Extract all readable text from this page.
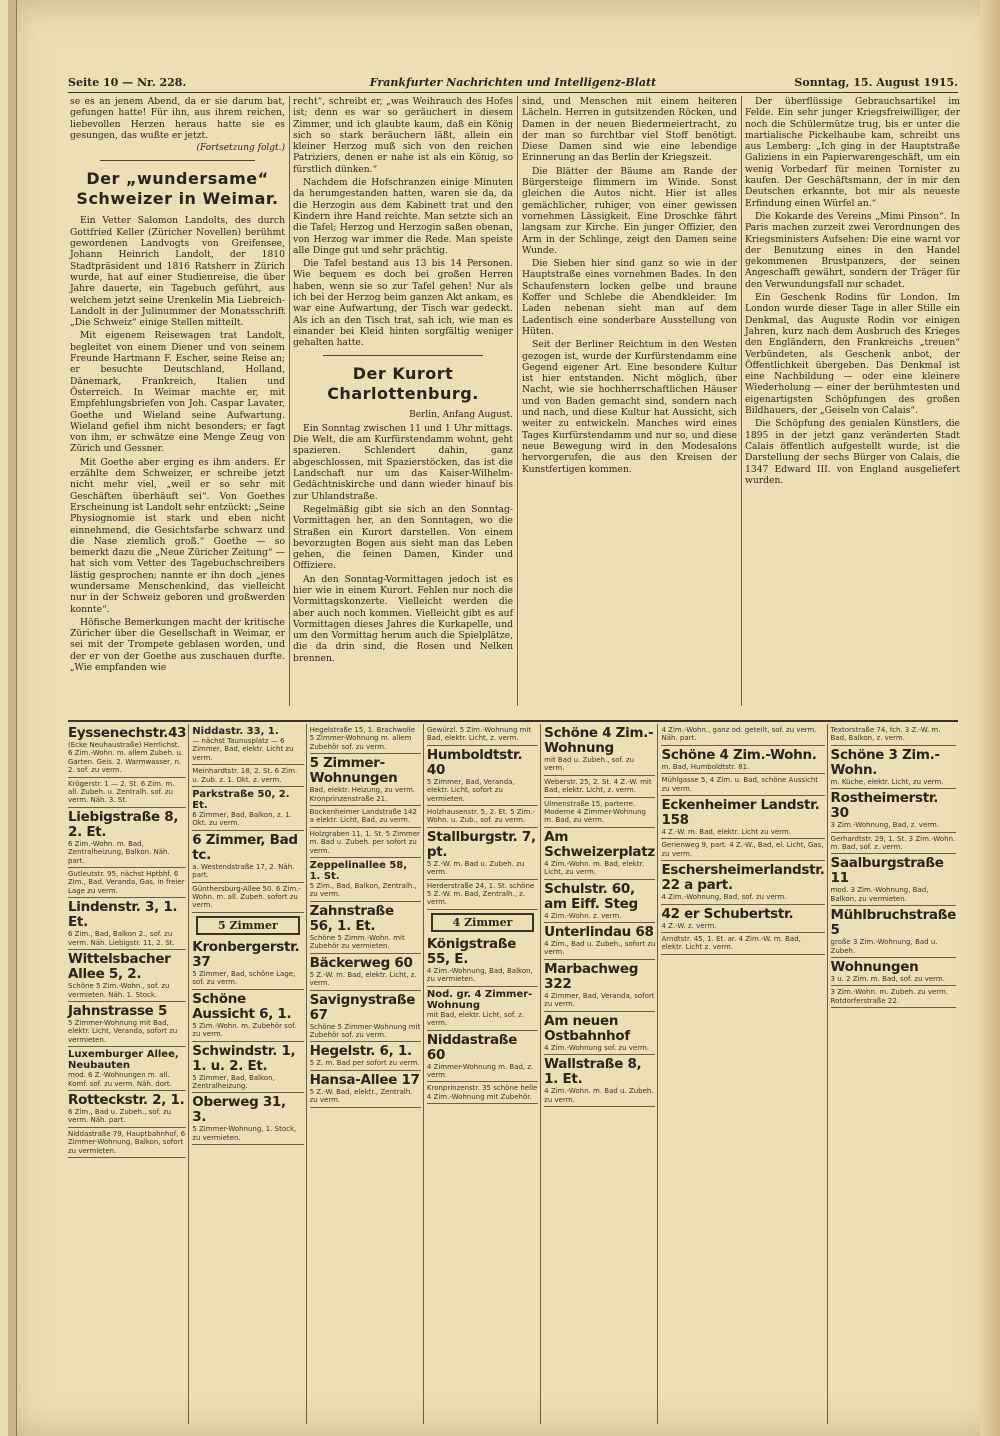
Seite 10 — Nr. 228.	Frankfurter Nachrichten und Intelligenz-Blatt	Sonntag, 15. August 1915.

se es an jenem Abend, da er sie darum bat, gefungen hatte! Für ihn, aus ihrem reichen, liebevollen Herzen heraus hatte sie es gesungen, das wußte er jetzt.

(Fortsetzung folgt.)
Der „wundersame“ Schweizer in Weimar.

Ein Vetter Salomon Landolts, des durch Gottfried Keller (Züricher Novellen) berühmt gewordenen Landvogts von Greifensee, Johann Heinrich Landolt, der 1810 Stadtpräsident und 1816 Ratsherr in Zürich wurde, hat auf einer Studienreise, die über Jahre dauerte, ein Tagebuch geführt, aus welchem jetzt seine Urenkelin Mia Liebreich-Landolt in der Julinummer der Monatsschrift „Die Schweiz“ einige Stellen mitteilt.

Mit eigenem Reisewagen trat Landolt, begleitet von einem Diener und von seinem Freunde Hartmann F. Escher, seine Reise an; er besuchte Deutschland, Holland, Dänemark, Frankreich, Italien und Österreich. In Weimar machte er, mit Empfehlungsbriefen von Joh. Caspar Lavater, Goethe und Wieland seine Aufwartung. Wieland gefiel ihm nicht besonders; er fagt von ihm, er schwätze eine Menge Zeug von Zürich und Gessner.

Mit Goethe aber erging es ihm anders. Er erzählte dem Schweizer, er schreibe jetzt nicht mehr viel, „weil er so sehr mit Geschäften überhäuft sei“. Von Goethes Erscheinung ist Landolt sehr entzückt: „Seine Physiognomie ist stark und eben nicht einnehmend, die Gesichtsfarbe schwarz und die Nase ziemlich groß.“ Goethe — so bemerkt dazu die „Neue Züricher Zeitung“ — hat sich vom Vetter des Tagebuchschreibers lästig gesprochen; nannte er ihn doch „jenes wundersame Menschenkind, das vielleicht nur in der Schweiz geboren und großwerden konnte“.

Höfische Bemerkungen macht der kritische Züricher über die Gesellschaft in Weimar, er sei mit der Trompete geblasen worden, und der er von der Goethe aus zuschauen durfte. „Wie empfanden wie

recht“, schreibt er, „was Weihrauch des Hofes ist; denn es war so geräuchert in diesem Zimmer, und ich glaubte kaum, daß ein König sich so stark beräuchern läßt, allein ein kleiner Herzog muß sich von den reichen Patriziers, denen er nahe ist als ein König, so fürstlich dünken.“

Nachdem die Hofschranzen einige Minuten da herumgestanden hatten, waren sie da, da die Herzogin aus dem Kabinett trat und den Kindern ihre Hand reichte. Man setzte sich an die Tafel; Herzog und Herzogin saßen obenan, von Herzog war immer die Rede. Man speiste alle Dinge gut und sehr prächtig.

Die Tafel bestand aus 13 bis 14 Personen. Wie bequem es doch bei großen Herren haben, wenn sie so zur Tafel gehen! Nur als ich bei der Herzog beim ganzen Akt ankam, es war eine Aufwartung, der Tisch war gedeckt. Als ich an den Tisch trat, sah ich, wie man es einander bei Kleid hinten sorgfältig weniger gehalten hatte.

Der Kurort Charlottenburg.
Berlin, Anfang August.

Ein Sonntag zwischen 11 und 1 Uhr mittags. Die Welt, die am Kurfürstendamm wohnt, geht spazieren. Schlendert dahin, ganz abgeschlossen, mit Spazierstöcken, das ist die Landschaft nur um das Kaiser-Wilhelm-Gedächtniskirche und dann wieder hinauf bis zur Uhlandstraße.

Regelmäßig gibt sie sich an den Sonntag-Vormittagen her, an den Sonntagen, wo die Straßen ein Kurort darstellen. Von einem bevorzugten Bogen aus sieht man das Leben gehen, die feinen Damen, Kinder und Offiziere.

An den Sonntag-Vormittagen jedoch ist es hier wie in einem Kurort. Fehlen nur noch die Vormittagskonzerte. Vielleicht werden die aber auch noch kommen. Vielleicht gibt es auf Vormittagen dieses Jahres die Kurkapelle, und um den Vormittag herum auch die Spielplätze, die da drin sind, die Rosen und Nelken brennen.

sind, und Menschen mit einem heiteren Lächeln. Herren in gutsitzenden Röcken, und Damen in der neuen Biedermeiertracht, zu der man so furchtbar viel Stoff benötigt. Diese Damen sind wie eine lebendige Erinnerung an das Berlin der Kriegszeit.

Die Blätter der Bäume am Rande der Bürgersteige flimmern im Winde. Sonst gleichen die Autos nicht. Hier ist alles gemächlicher, ruhiger, von einer gewissen vornehmen Lässigkeit. Eine Droschke fährt langsam zur Kirche. Ein junger Offizier, den Arm in der Schlinge, zeigt den Damen seine Wunde.

Die Sieben hier sind ganz so wie in der Hauptstraße eines vornehmen Bades. In den Schaufenstern locken gelbe und braune Koffer und Schlebe die Abendkleider. Im Laden nebenan sieht man auf dem Ladentisch eine sonderbare Ausstellung von Hüten.

Seit der Berliner Reichtum in den Westen gezogen ist, wurde der Kurfürstendamm eine Gegend eigener Art. Eine besondere Kultur ist hier entstanden. Nicht möglich, über Nacht, wie sie hochherrschaftlichen Häuser und von Baden gemacht sind, sondern nach und nach, und diese Kultur hat Aussicht, sich weiter zu entwickeln. Manches wird eines Tages Kurfürstendamm und nur so, und diese neue Bewegung wird in den Modesalons hervorgerufen, die aus den Kreisen der Kunstfertigen kommen.

Der überflüssige Gebrauchsartikel im Felde. Ein sehr junger Kriegsfreiwilliger, der noch die Schülermütze trug, bis er unter die martialische Pickelhaube kam, schreibt uns aus Lemberg: „Ich ging in der Hauptstraße Galiziens in ein Papierwarengeschäft, um ein wenig Vorbedarf für meinen Tornister zu kaufen. Der Geschäftsmann, der in mir den Deutschen erkannte, bot mir als neueste Erfindung einen Würfel an.“

Die Kokarde des Vereins „Mimi Pinson“. In Paris machen zurzeit zwei Verordnungen des Kriegsministers Aufsehen: Die eine warnt vor der Benutzung eines in den Handel gekommenen Brustpanzers, der seinen Angeschafft gewährt, sondern der Träger für den Verwundungsfall nur schadet.

Ein Geschenk Rodins für London. Im London wurde dieser Tage in aller Stille ein Denkmal, das Auguste Rodin vor einigen Jahren, kurz nach dem Ausbruch des Krieges den Engländern, den Frankreichs „treuen“ Verbündeten, als Geschenk anbot, der Öffentlichkeit übergeben. Das Denkmal ist eine Nachbildung — oder eine kleinere Wiederholung — einer der berühmtesten und eigenartigsten Schöpfungen des großen Bildhauers, der „Geiseln von Calais“.

Die Schöpfung des genialen Künstlers, die 1895 in der jetzt ganz veränderten Stadt Calais öffentlich aufgestellt wurde, ist die Darstellung der sechs Bürger von Calais, die 1347 Edward III. von England ausgeliefert wurden.

Eyssenechstr.43
(Ecke Neuhaustraße) Herrlichst. 6 Zim.-Wohn. m. allem Zubeh. u. Garten. Geis. 2. Warmwasser, n. 2. sof. zu verm.
Krögerstr. 1 — 2. St. 6 Zim. m. all. Zubeh. u. Zentralh. sof. zu verm. Näh. 3. St.
Liebigstraße 8, 2. Et.
6 Zim.-Wohn. m. Bad, Zentralheizung, Balkon. Näh. part.
Gutleutstr. 95, nächst Hptbhf. 6 Zim., Bad, Veranda, Gas, in freier Lage zu verm.
Lindenstr. 3, 1. Et.
6 Zim., Bad, Balkon 2., sof. zu verm. Näh. Liebigstr. 11, 2. St.
Wittelsbacher Allee 5, 2.
Schöne 5 Zim.-Wohn., sof. zu vermieten. Näh. 1. Stock.
Jahnstrasse 5
5 Zimmer-Wohnung mit Bad, elektr. Licht, Veranda, sofort zu vermieten.
Luxemburger Allee, Neubauten
mod. 6 Z.-Wohnungen m. all. Komf. sof. zu verm. Näh. dort.
Rotteckstr. 2, 1.
6 Zim., Bad u. Zubeh., sof. zu verm. Näh. part.
Niddastraße 79, Hauptbahnhof, 6 Zimmer-Wohnung, Balkon, sofort zu vermieten.
Niddastr. 33, 1.
— nächst Taunusplatz — 6 Zimmer, Bad, elektr. Licht zu verm.
Meinhardtstr. 18, 2. St. 6 Zim. u. Zub. z. 1. Okt. z. verm.
Parkstraße 50, 2. Et.
6 Zimmer, Bad, Balkon, z. 1. Okt. zu verm.
6 Zimmer, Bad tc.
a. Westendstraße 17, 2. Näh. part.
Günthersburg-Allee 50. 6 Zim.-Wohn. m. all. Zubeh. sofort zu verm.
5 Zimmer
Kronbergerstr. 37
5 Zimmer, Bad, schöne Lage, sof. zu verm.
Schöne Aussicht 6, 1.
5 Zim.-Wohn. m. Zubehör sof. zu verm.
Schwindstr. 1, 1. u. 2. Et.
5 Zimmer, Bad, Balkon, Zentralheizung.
Oberweg 31, 3.
5 Zimmer-Wohnung, 1. Stock, zu vermieten.
Hegelstraße 15, 1. Brachwolle 5 Zimmer-Wohnung m. allem Zubehör sof. zu verm.
5 Zimmer-Wohnungen
Bad, elektr. Heizung, zu verm. Kronprinzenstraße 21.
Bockenheimer Landstraße 142 a elektr. Licht, Bad, zu verm.
Holzgraben 11, 1. St. 5 Zimmer m. Bad u. Zubeh. per sofort zu verm.
Zeppelinallee 58, 1. St.
5 Zim., Bad, Balkon, Zentralh., zu verm.
Zahnstraße 56, 1. Et.
Schöne 5 Zimm.-Wohn. mit Zubehör zu vermieten.
Bäckerweg 60
5 Z.-W. m. Bad, elektr. Licht, z. verm.
Savignystraße 67
Schöne 5 Zimmer-Wohnung mit Zubehör sof. zu verm.
Hegelstr. 6, 1.
5 Z. m. Bad per sofort zu verm.
Hansa-Allee 17
5 Z.-W. Bad, elektr., Zentralh. zu verm.
Gewürzl. 5 Zim.-Wohnung mit Bad, elektr. Licht, z. verm.
Humboldtstr. 40
5 Zimmer, Bad, Veranda, elektr. Licht, sofort zu vermieten.
Holzhausenstr. 5, 2. Et. 5 Zim.-Wohn. u. Zub., sof. zu verm.
Stallburgstr. 7, pt.
5 Z.-W. m. Bad u. Zubeh. zu verm.
Herderstraße 24, 1. St. schöne 5 Z.-W. m. Bad, Zentralh., z. verm.
4 Zimmer
Königstraße 55, E.
4 Zim.-Wohnung, Bad, Balkon, zu vermieten.
Nod. gr. 4 Zimmer-Wohnung
mit Bad, elektr. Licht, sof. z. verm.
Niddastraße 60
4 Zimmer-Wohnung m. Bad, z. verm.
Kronprinzenstr. 35 schöne helle 4 Zim.-Wohnung mit Zubehör.
Schöne 4 Zim.-Wohnung
mit Bad u. Zubeh., sof. zu verm.
Weberstr. 25, 2. St. 4 Z.-W. mit Bad, elektr. Licht, z. verm.
Ulmenstraße 15, parterre. Moderne 4 Zimmer-Wohnung m. Bad, zu verm.
Am Schweizerplatz
4 Zim.-Wohn. m. Bad, elektr. Licht, zu verm.
Schulstr. 60, am Eiff. Steg
4 Zim.-Wohn. z. verm.
Unterlindau 68
4 Zim., Bad u. Zubeh., sofort zu verm.
Marbachweg 322
4 Zimmer, Bad, Veranda, sofort zu verm.
Am neuen Ostbahnhof
4 Zim.-Wohnung sof. zu verm.
Wallstraße 8, 1. Et.
4 Zim.-Wohn. m. Bad u. Zubeh. zu verm.
4 Zim.-Wohn., ganz od. geteilt, sof. zu verm. Näh. part.
Schöne 4 Zim.-Wohn.
m. Bad, Humboldtstr. 81.
Mühlgasse 5, 4 Zim. u. Bad, schöne Aussicht zu verm.
Eckenheimer Landstr. 158
4 Z.-W. m. Bad, elektr. Licht zu verm.
Gerienweg 9, part. 4 Z.-W., Bad, el. Licht, Gas, zu verm.
Eschersheimerlandstr. 22 a part.
4 Zim.-Wohnung, Bad, sof. zu verm.
42 er Schubertstr.
4 Z.-W. z. verm.
Arndtstr. 45, 1. Et. ar. 4 Zim.-W. m. Bad, elektr. Licht z. verm.
Textorstraße 74, fch. 3 Z.-W. m. Bad, Balkon, z. verm.
Schöne 3 Zim.-Wohn.
m. Küche, elektr. Licht, zu verm.
Rostheimerstr. 30
3 Zim.-Wohnung, Bad, z. verm.
Gerhardtstr. 29, 1. St. 3 Zim.-Wohn. m. Bad, sof. z. verm.
Saalburgstraße 11
mod. 3 Zim.-Wohnung, Bad, Balkon, zu vermieten.
Mühlbruchstraße 5
große 3 Zim.-Wohnung, Bad u. Zubeh.
Wohnungen
3 u. 2 Zim. m. Bad, sof. zu verm.
3 Zim.-Wohn. m. Zubeh. zu verm. Rotdorferstraße 22.
